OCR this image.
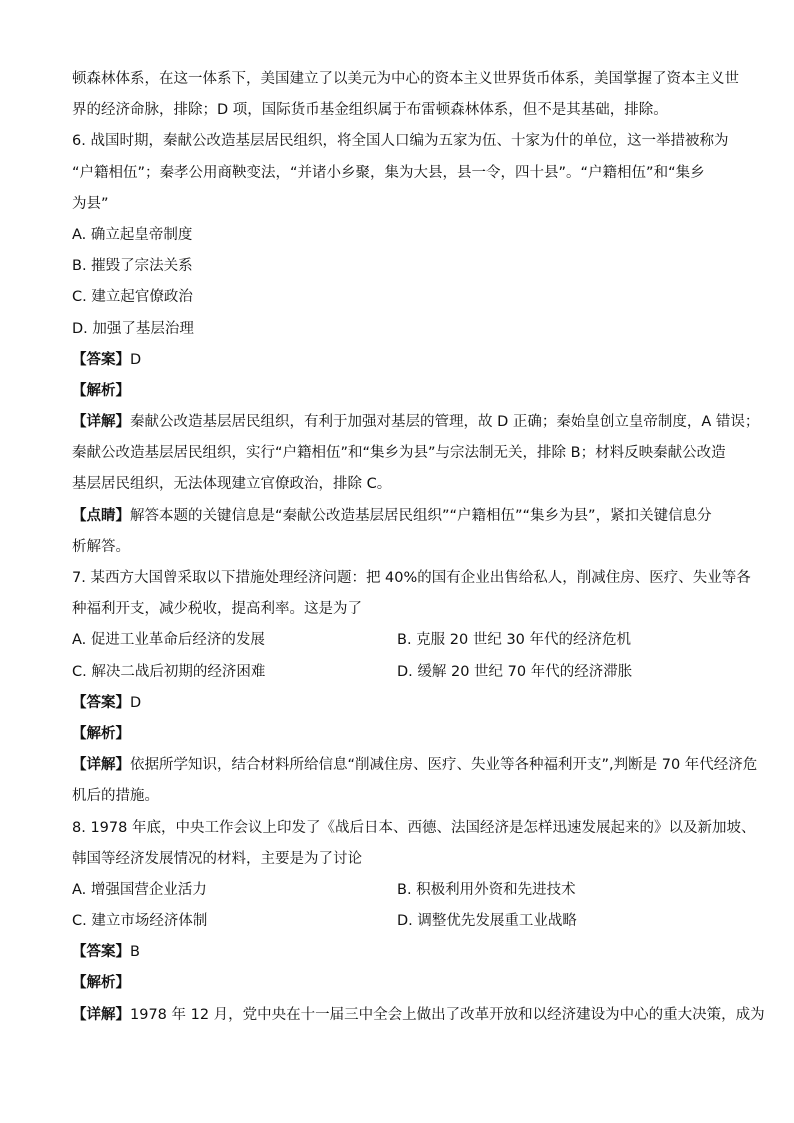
顿森林体系，在这一体系下，美国建立了以美元为中心的资本主义世界货币体系，美国掌握了资本主义世
界的经济命脉，排除；D 项，国际货币基金组织属于布雷顿森林体系，但不是其基础，排除。
6. 战国时期，秦献公改造基层居民组织，将全国人口编为五家为伍、十家为什的单位，这一举措被称为
“户籍相伍”；秦孝公用商鞅变法，“并诸小乡聚，集为大县，县一令，四十县”。“户籍相伍”和“集乡
为县”
A. 确立起皇帝制度
B. 摧毁了宗法关系
C. 建立起官僚政治
D. 加强了基层治理
【答案】D
【解析】
【详解】秦献公改造基层居民组织，有利于加强对基层的管理，故 D 正确；秦始皇创立皇帝制度，A 错误；
秦献公改造基层居民组织，实行“户籍相伍”和“集乡为县”与宗法制无关，排除 B；材料反映秦献公改造
基层居民组织，无法体现建立官僚政治，排除 C。
【点睛】解答本题的关键信息是“秦献公改造基层居民组织”“户籍相伍”“集乡为县”，紧扣关键信息分
析解答。
7. 某西方大国曾采取以下措施处理经济问题：把 40%的国有企业出售给私人，削减住房、医疗、失业等各
种福利开支，减少税收，提高利率。这是为了
A. 促进工业革命后经济的发展	B. 克服 20 世纪 30 年代的经济危机
C. 解决二战后初期的经济困难	D. 缓解 20 世纪 70 年代的经济滞胀
【答案】D
【解析】
【详解】依据所学知识，结合材料所给信息“削减住房、医疗、失业等各种福利开支”,判断是 70 年代经济危
机后的措施。
8. 1978 年底，中央工作会议上印发了《战后日本、西德、法国经济是怎样迅速发展起来的》以及新加坡、
韩国等经济发展情况的材料，主要是为了讨论
A. 增强国营企业活力	B. 积极利用外资和先进技术
C. 建立市场经济体制	D. 调整优先发展重工业战略
【答案】B
【解析】
【详解】1978 年 12 月，党中央在十一届三中全会上做出了改革开放和以经济建设为中心的重大决策，成为
